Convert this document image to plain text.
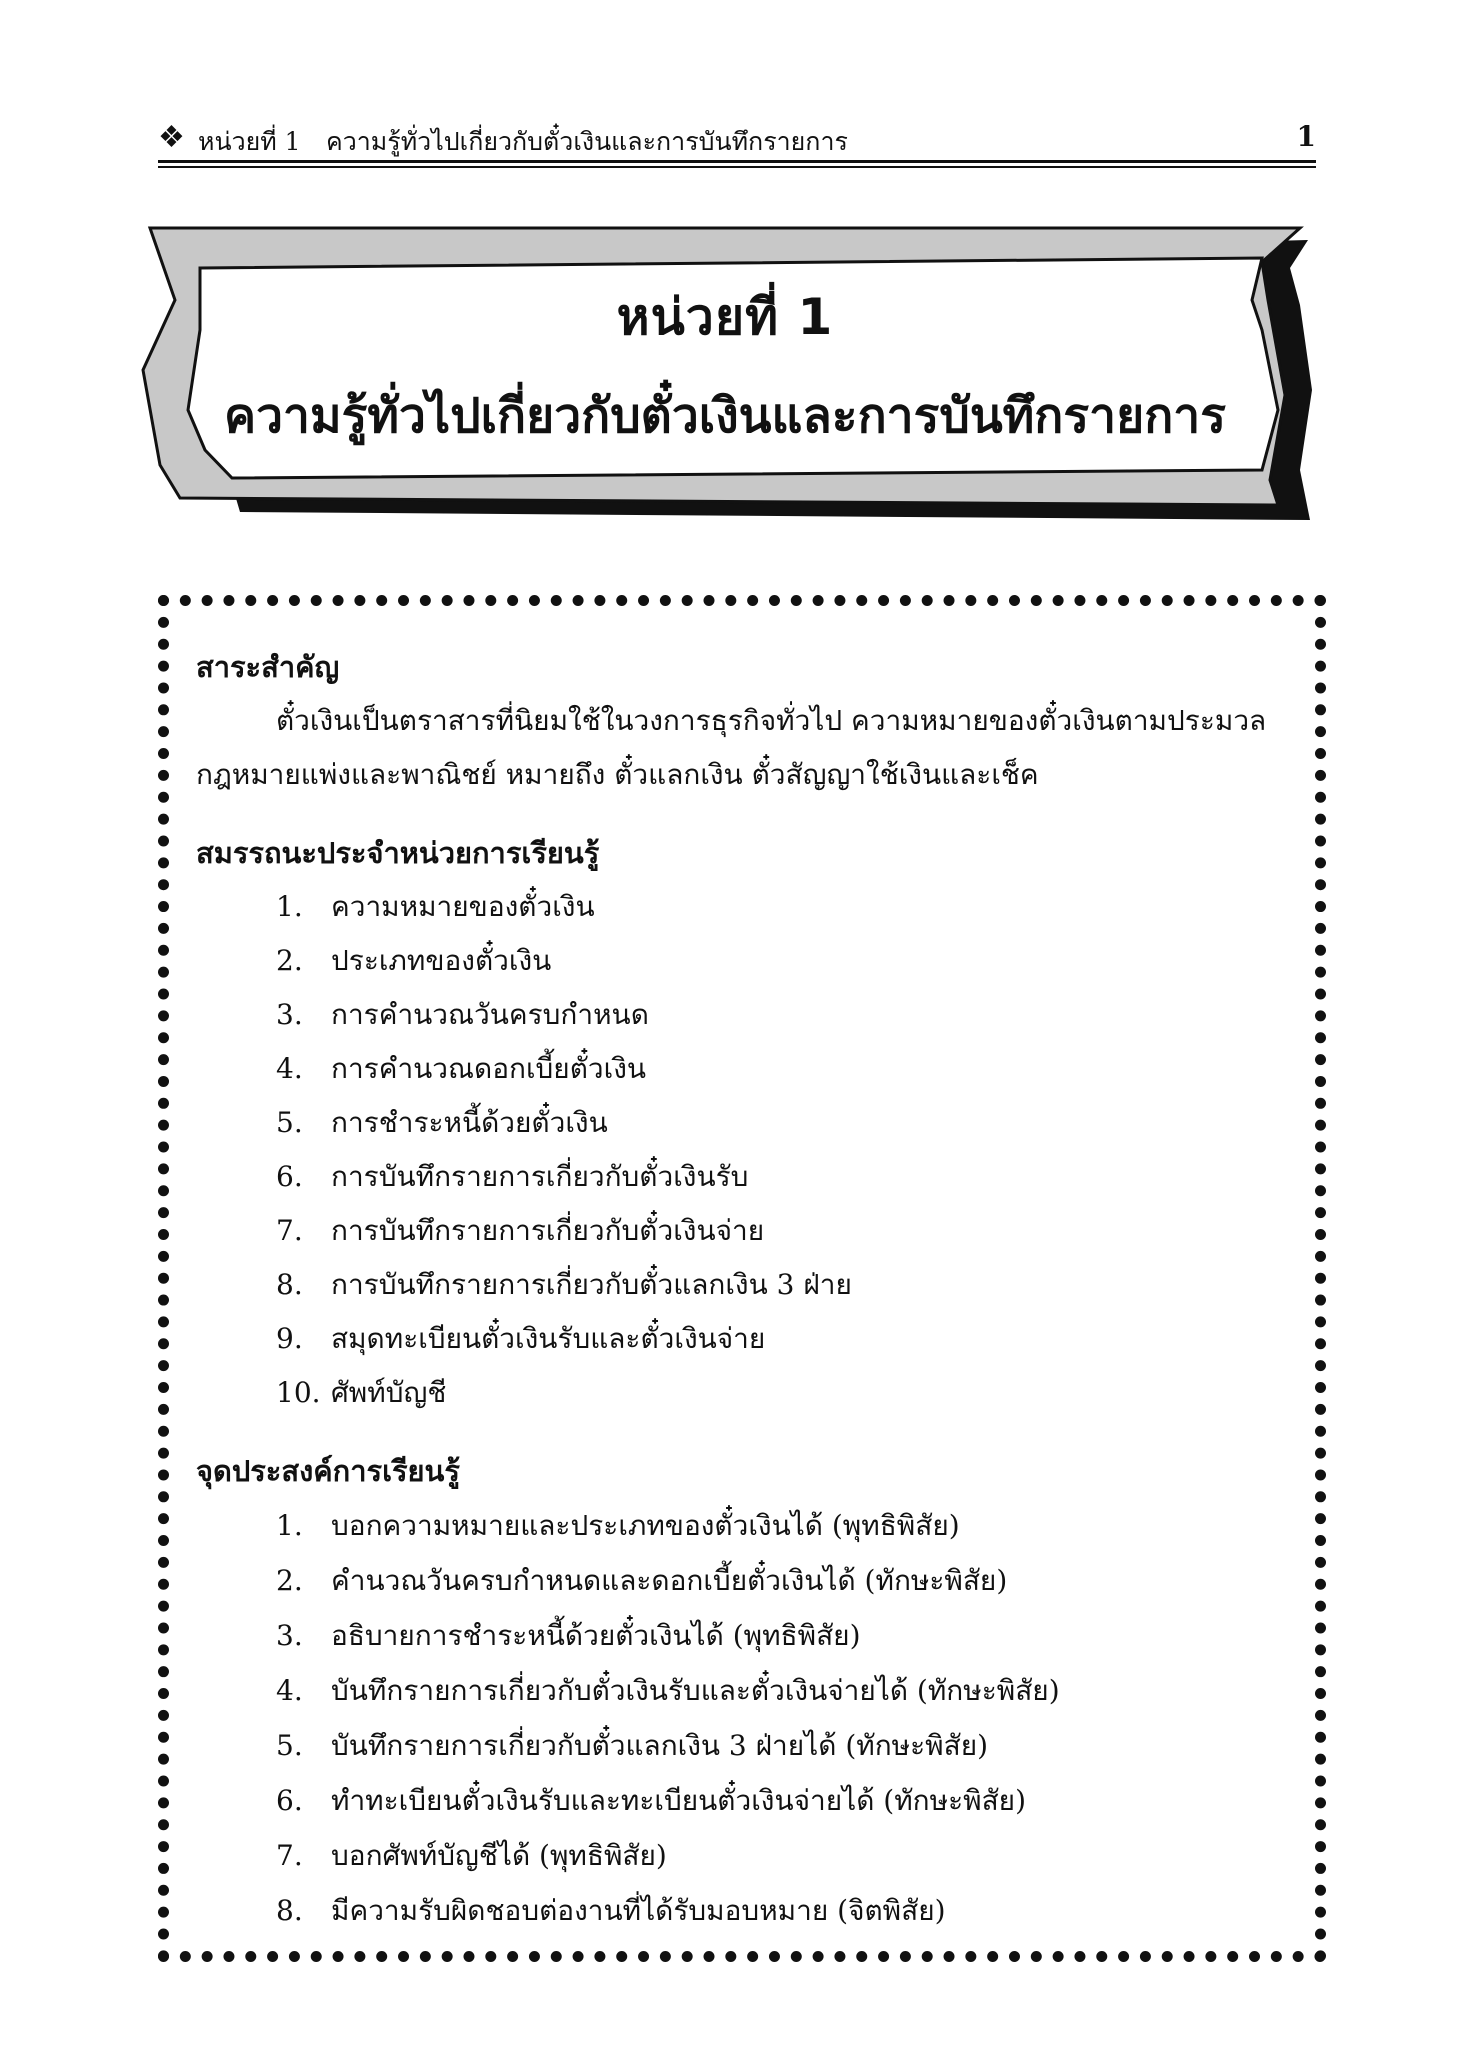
❖ หน่วยที่ 1 ความรู้ทั่วไปเกี่ยวกับตั๋วเงินและการบันทึกรายการ	1
หน่วยที่ 1
ความรู้ทั่วไปเกี่ยวกับตั๋วเงินและการบันทึกรายการ
สาระสำคัญ
ตั๋วเงินเป็นตราสารที่นิยมใช้ในวงการธุรกิจทั่วไป ความหมายของตั๋วเงินตามประมวล
กฎหมายแพ่งและพาณิชย์ หมายถึง ตั๋วแลกเงิน ตั๋วสัญญาใช้เงินและเช็ค
สมรรถนะประจำหน่วยการเรียนรู้
1. ความหมายของตั๋วเงิน
2. ประเภทของตั๋วเงิน
3. การคำนวณวันครบกำหนด
4. การคำนวณดอกเบี้ยตั๋วเงิน
5. การชำระหนี้ด้วยตั๋วเงิน
6. การบันทึกรายการเกี่ยวกับตั๋วเงินรับ
7. การบันทึกรายการเกี่ยวกับตั๋วเงินจ่าย
8. การบันทึกรายการเกี่ยวกับตั๋วแลกเงิน 3 ฝ่าย
9. สมุดทะเบียนตั๋วเงินรับและตั๋วเงินจ่าย
10. ศัพท์บัญชี
จุดประสงค์การเรียนรู้
1. บอกความหมายและประเภทของตั๋วเงินได้ (พุทธิพิสัย)
2. คำนวณวันครบกำหนดและดอกเบี้ยตั๋วเงินได้ (ทักษะพิสัย)
3. อธิบายการชำระหนี้ด้วยตั๋วเงินได้ (พุทธิพิสัย)
4. บันทึกรายการเกี่ยวกับตั๋วเงินรับและตั๋วเงินจ่ายได้ (ทักษะพิสัย)
5. บันทึกรายการเกี่ยวกับตั๋วแลกเงิน 3 ฝ่ายได้ (ทักษะพิสัย)
6. ทำทะเบียนตั๋วเงินรับและทะเบียนตั๋วเงินจ่ายได้ (ทักษะพิสัย)
7. บอกศัพท์บัญชีได้ (พุทธิพิสัย)
8. มีความรับผิดชอบต่องานที่ได้รับมอบหมาย (จิตพิสัย)
